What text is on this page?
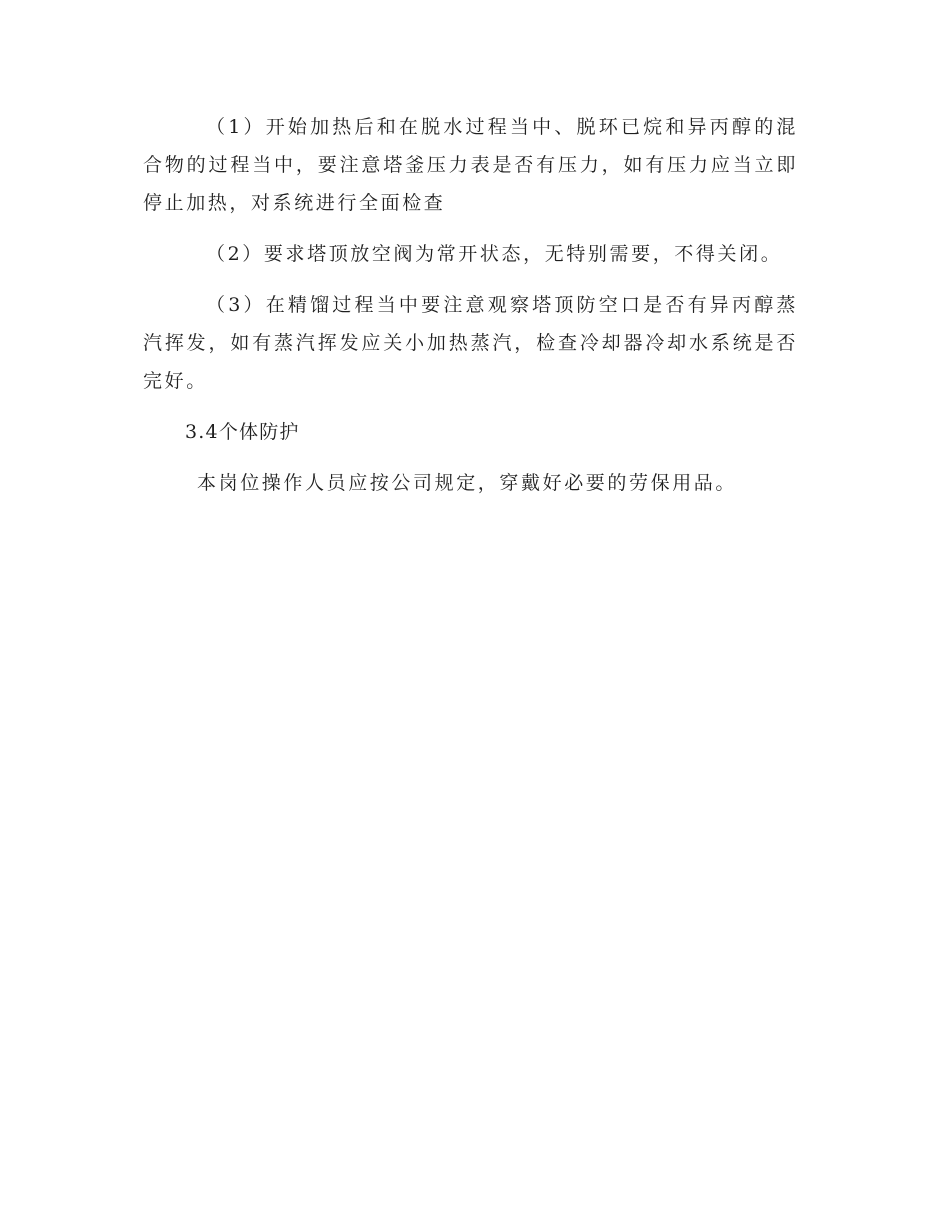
（1）开始加热后和在脱水过程当中、脱环已烷和异丙醇的混合物的过程当中，要注意塔釜压力表是否有压力，如有压力应当立即停止加热，对系统进行全面检查

（2）要求塔顶放空阀为常开状态，无特别需要，不得关闭。

（3）在精馏过程当中要注意观察塔顶防空口是否有异丙醇蒸汽挥发，如有蒸汽挥发应关小加热蒸汽，检查冷却器冷却水系统是否完好。

3.4个体防护

本岗位操作人员应按公司规定，穿戴好必要的劳保用品。
